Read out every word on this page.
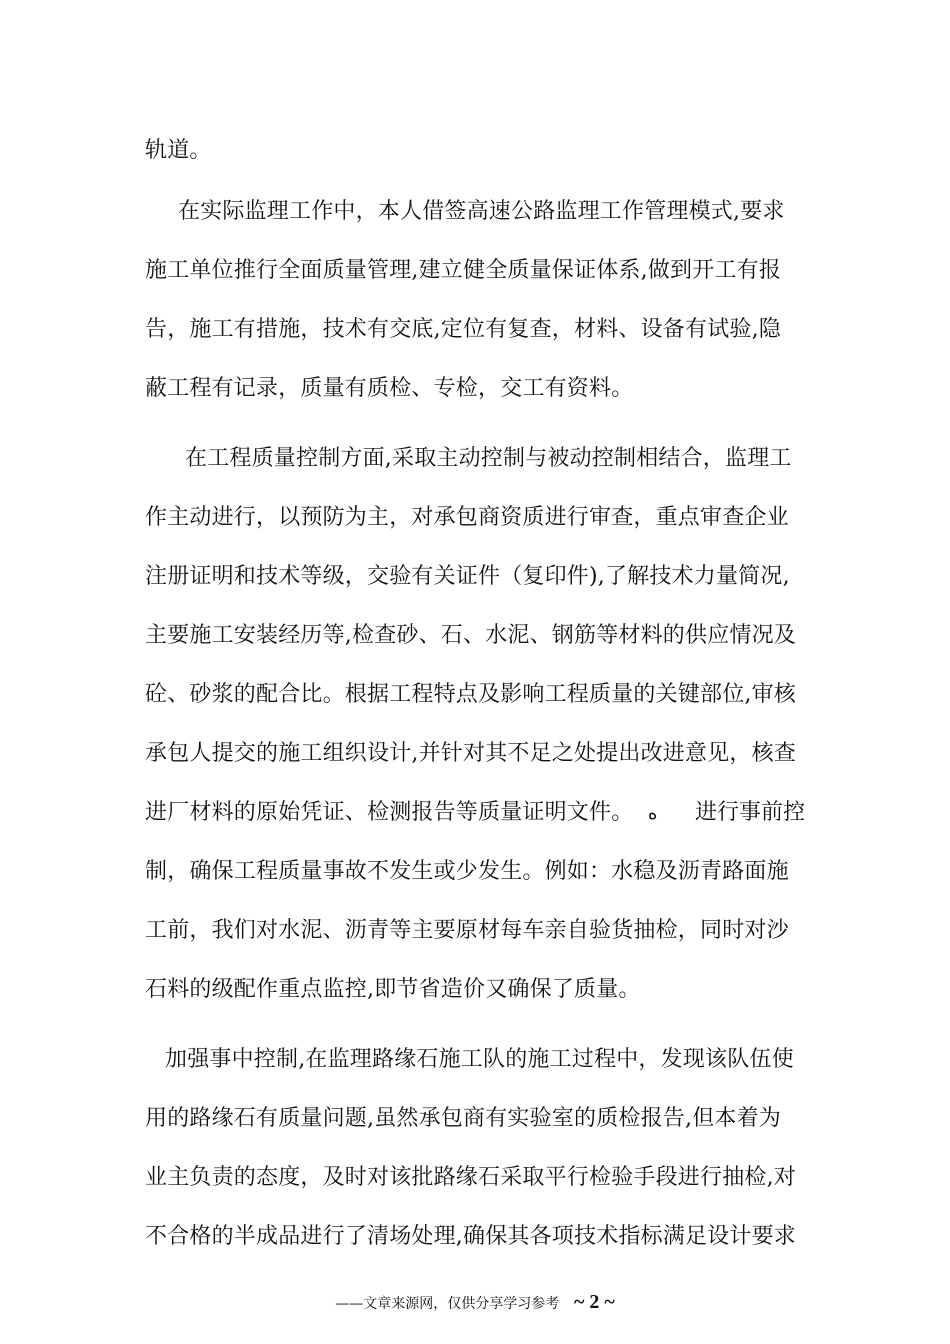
轨道。
在实际监理工作中，本人借签高速公路监理工作管理模式,要求
施工单位推行全面质量管理,建立健全质量保证体系,做到开工有报
告，施工有措施，技术有交底,定位有复查，材料、设备有试验,隐
蔽工程有记录，质量有质检、专检，交工有资料。
在工程质量控制方面,采取主动控制与被动控制相结合，监理工
作主动进行，以预防为主，对承包商资质进行审查，重点审查企业
注册证明和技术等级，交验有关证件（复印件),了解技术力量简况,
主要施工安装经历等,检查砂、石、水泥、钢筋等材料的供应情况及
砼、砂浆的配合比。根据工程特点及影响工程质量的关键部位,审核
承包人提交的施工组织设计,并针对其不足之处提出改进意见，核查
进厂材料的原始凭证、检测报告等质量证明文件。 ه 进行事前控
制，确保工程质量事故不发生或少发生。例如：水稳及沥青路面施
工前，我们对水泥、沥青等主要原材每车亲自验货抽检，同时对沙
石料的级配作重点监控,即节省造价又确保了质量。
加强事中控制,在监理路缘石施工队的施工过程中，发现该队伍使
用的路缘石有质量问题,虽然承包商有实验室的质检报告,但本着为
业主负责的态度，及时对该批路缘石采取平行检验手段进行抽检,对
不合格的半成品进行了清场处理,确保其各项技术指标满足设计要求
——文章来源网，仅供分享学习参考 ~ 2 ~
